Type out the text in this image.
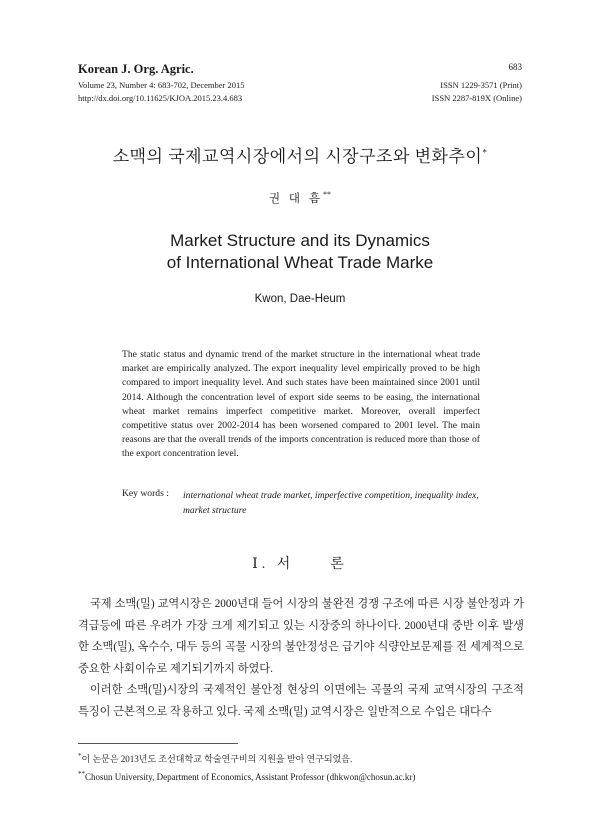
Korean J. Org. Agric.
Volume 23, Number 4: 683-702, December 2015
http://dx.doi.org/10.11625/KJOA.2015.23.4.683
683
ISSN 1229-3571 (Print)
ISSN 2287-819X (Online)
소맥의 국제교역시장에서의 시장구조와 변화추이*
권 대 흠**
Market Structure and its Dynamics
of International Wheat Trade Marke
Kwon, Dae-Heum
The static status and dynamic trend of the market structure in the international wheat trade market are empirically analyzed. The export inequality level empirically proved to be high compared to import inequality level. And such states have been maintained since 2001 until 2014. Although the concentration level of export side seems to be easing, the international wheat market remains imperfect competitive market. Moreover, overall imperfect competitive status over 2002-2014 has been worsened compared to 2001 level. The main reasons are that the overall trends of the imports concentration is reduced more than those of the export concentration level.
Key words : international wheat trade market, imperfective competition, inequality index, market structure
Ⅰ. 서　　론

국제 소맥(밀) 교역시장은 2000년대 들어 시장의 불완전 경쟁 구조에 따른 시장 불안정과 가격급등에 따른 우려가 가장 크게 제기되고 있는 시장중의 하나이다. 2000년대 중반 이후 발생한 소맥(밀), 옥수수, 대두 등의 곡물 시장의 불안정성은 급기야 식량안보문제를 전 세계적으로 중요한 사회이슈로 제기되기까지 하였다.

이러한 소맥(밀)시장의 국제적인 불안정 현상의 이면에는 곡물의 국제 교역시장의 구조적 특징이 근본적으로 작용하고 있다. 국제 소맥(밀) 교역시장은 일반적으로 수입은 대다수

*이 논문은 2013년도 조선대학교 학술연구비의 지원을 받아 연구되었음.
**Chosun University, Department of Economics, Assistant Professor (dhkwon@chosun.ac.kr)
